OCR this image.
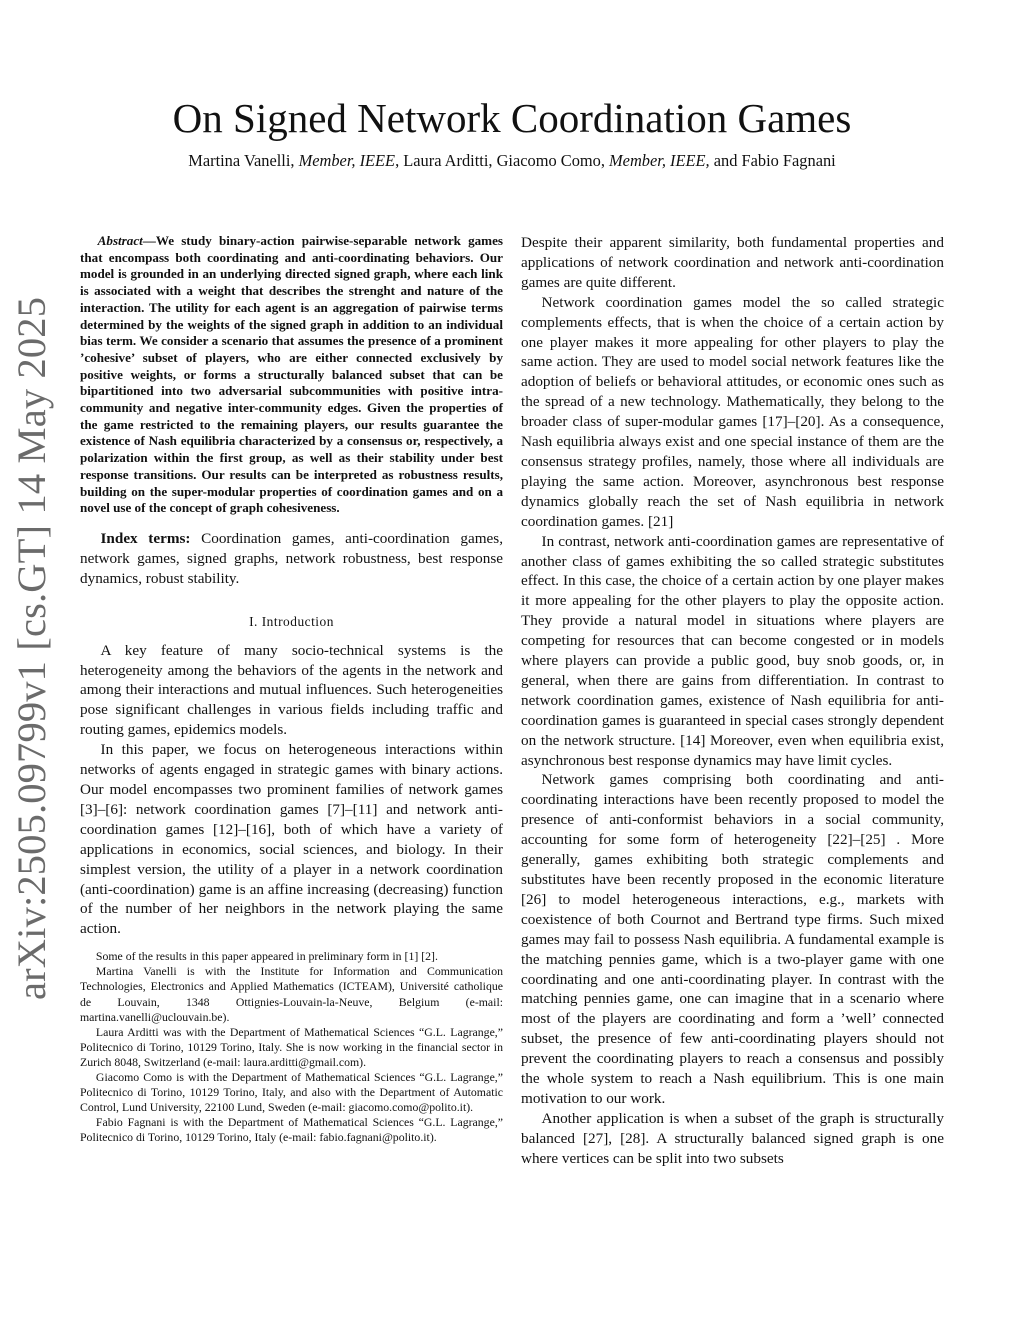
arXiv:2505.09799v1 [cs.GT] 14 May 2025
On Signed Network Coordination Games
Martina Vanelli, Member, IEEE, Laura Arditti, Giacomo Como, Member, IEEE, and Fabio Fagnani

Abstract—We study binary-action pairwise-separable network games that encompass both coordinating and anti-coordinating behaviors. Our model is grounded in an underlying directed signed graph, where each link is associated with a weight that describes the strenght and nature of the interaction. The utility for each agent is an aggregation of pairwise terms determined by the weights of the signed graph in addition to an individual bias term. We consider a scenario that assumes the presence of a prominent ’cohesive’ subset of players, who are either connected exclusively by positive weights, or forms a structurally balanced subset that can be bipartitioned into two adversarial subcommunities with positive intra-community and negative inter-community edges. Given the properties of the game restricted to the remaining players, our results guarantee the existence of Nash equilibria characterized by a consensus or, respectively, a polarization within the first group, as well as their stability under best response transitions. Our results can be interpreted as robustness results, building on the super-modular properties of coordination games and on a novel use of the concept of graph cohesiveness.

Index terms: Coordination games, anti-coordination games, network games, signed graphs, network robustness, best response dynamics, robust stability.

I. Introduction

A key feature of many socio-technical systems is the heterogeneity among the behaviors of the agents in the network and among their interactions and mutual influences. Such heterogeneities pose significant challenges in various fields including traffic and routing games, epidemics models.

In this paper, we focus on heterogeneous interactions within networks of agents engaged in strategic games with binary actions. Our model encompasses two prominent families of network games [3]–[6]: network coordination games [7]–[11] and network anti-coordination games [12]–[16], both of which have a variety of applications in economics, social sciences, and biology. In their simplest version, the utility of a player in a network coordination (anti-coordination) game is an affine increasing (decreasing) function of the number of her neighbors in the network playing the same action.

Some of the results in this paper appeared in preliminary form in [1] [2].

Martina Vanelli is with the Institute for Information and Communication Technologies, Electronics and Applied Mathematics (ICTEAM), Université catholique de Louvain, 1348 Ottignies-Louvain-la-Neuve, Belgium (e-mail: martina.vanelli@uclouvain.be).

Laura Arditti was with the Department of Mathematical Sciences “G.L. Lagrange,” Politecnico di Torino, 10129 Torino, Italy. She is now working in the financial sector in Zurich 8048, Switzerland (e-mail: laura.arditti@gmail.com).

Giacomo Como is with the Department of Mathematical Sciences “G.L. Lagrange,” Politecnico di Torino, 10129 Torino, Italy, and also with the Department of Automatic Control, Lund University, 22100 Lund, Sweden (e-mail: giacomo.como@polito.it).

Fabio Fagnani is with the Department of Mathematical Sciences “G.L. Lagrange,” Politecnico di Torino, 10129 Torino, Italy (e-mail: fabio.fagnani@polito.it).

Despite their apparent similarity, both fundamental properties and applications of network coordination and network anti-coordination games are quite different.

Network coordination games model the so called strategic complements effects, that is when the choice of a certain action by one player makes it more appealing for other players to play the same action. They are used to model social network features like the adoption of beliefs or behavioral attitudes, or economic ones such as the spread of a new technology. Mathematically, they belong to the broader class of super-modular games [17]–[20]. As a consequence, Nash equilibria always exist and one special instance of them are the consensus strategy profiles, namely, those where all individuals are playing the same action. Moreover, asynchronous best response dynamics globally reach the set of Nash equilibria in network coordination games. [21]

In contrast, network anti-coordination games are representative of another class of games exhibiting the so called strategic substitutes effect. In this case, the choice of a certain action by one player makes it more appealing for the other players to play the opposite action. They provide a natural model in situations where players are competing for resources that can become congested or in models where players can provide a public good, buy snob goods, or, in general, when there are gains from differentiation. In contrast to network coordination games, existence of Nash equilibria for anti-coordination games is guaranteed in special cases strongly dependent on the network structure. [14] Moreover, even when equilibria exist, asynchronous best response dynamics may have limit cycles.

Network games comprising both coordinating and anti-coordinating interactions have been recently proposed to model the presence of anti-conformist behaviors in a social community, accounting for some form of heterogeneity [22]–[25] . More generally, games exhibiting both strategic complements and substitutes have been recently proposed in the economic literature [26] to model heterogeneous interactions, e.g., markets with coexistence of both Cournot and Bertrand type firms. Such mixed games may fail to possess Nash equilibria. A fundamental example is the matching pennies game, which is a two-player game with one coordinating and one anti-coordinating player. In contrast with the matching pennies game, one can imagine that in a scenario where most of the players are coordinating and form a ’well’ connected subset, the presence of few anti-coordinating players should not prevent the coordinating players to reach a consensus and possibly the whole system to reach a Nash equilibrium. This is one main motivation to our work.

Another application is when a subset of the graph is structurally balanced [27], [28]. A structurally balanced signed graph is one where vertices can be split into two subsets
